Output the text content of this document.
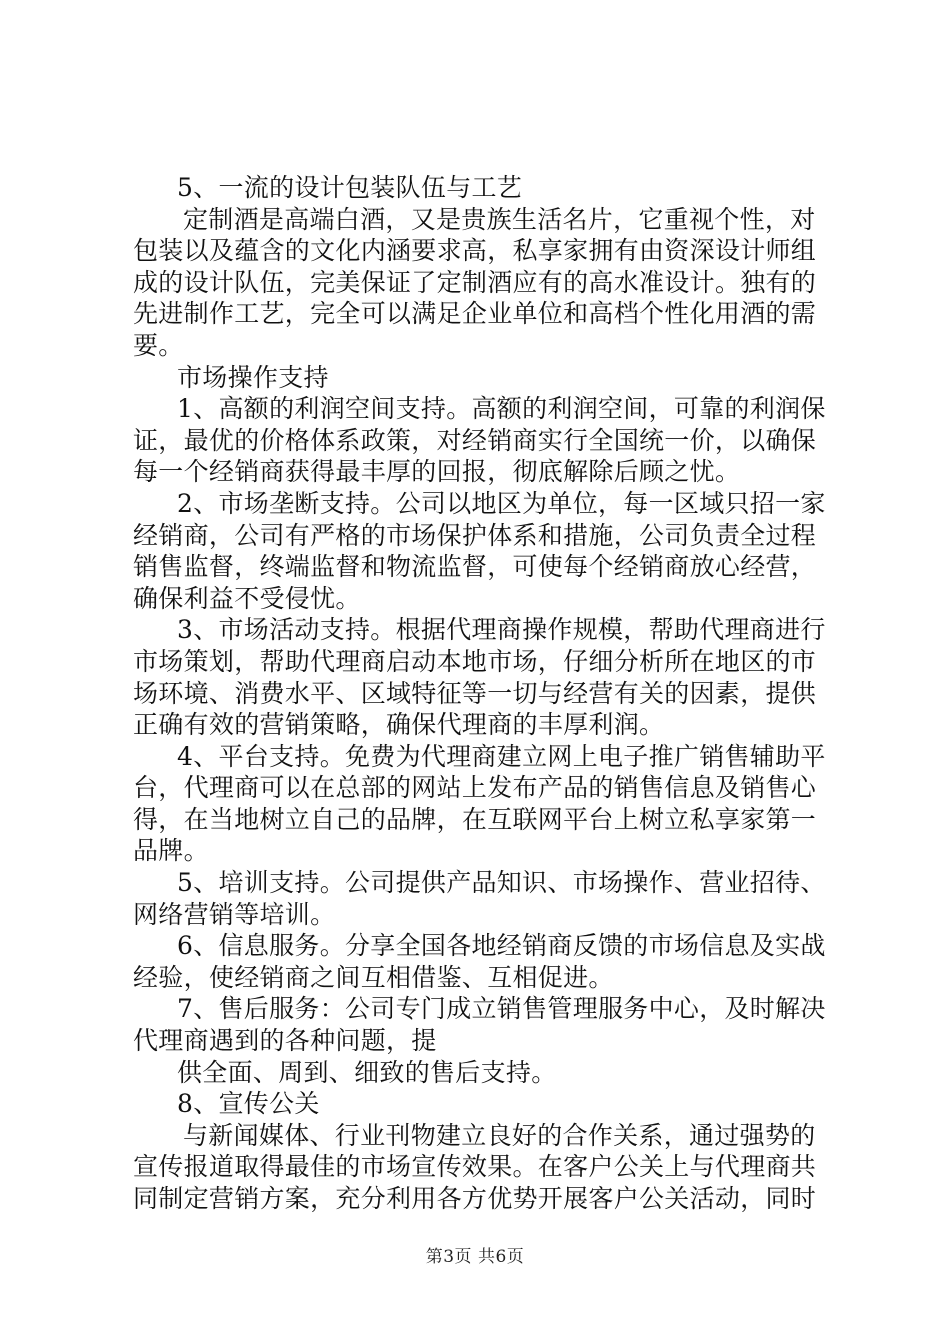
5、一流的设计包装队伍与工艺
定制酒是高端白酒，又是贵族生活名片，它重视个性，对
包装以及蕴含的文化内涵要求高，私享家拥有由资深设计师组
成的设计队伍，完美保证了定制酒应有的高水准设计。独有的
先进制作工艺，完全可以满足企业单位和高档个性化用酒的需
要。
市场操作支持
1、高额的利润空间支持。高额的利润空间，可靠的利润保
证，最优的价格体系政策，对经销商实行全国统一价，以确保
每一个经销商获得最丰厚的回报，彻底解除后顾之忧。
2、市场垄断支持。公司以地区为单位，每一区域只招一家
经销商，公司有严格的市场保护体系和措施，公司负责全过程
销售监督，终端监督和物流监督，可使每个经销商放心经营，
确保利益不受侵忧。
3、市场活动支持。根据代理商操作规模，帮助代理商进行
市场策划，帮助代理商启动本地市场，仔细分析所在地区的市
场环境、消费水平、区域特征等一切与经营有关的因素，提供
正确有效的营销策略，确保代理商的丰厚利润。
4、平台支持。免费为代理商建立网上电子推广销售辅助平
台，代理商可以在总部的网站上发布产品的销售信息及销售心
得，在当地树立自己的品牌，在互联网平台上树立私享家第一
品牌。
5、培训支持。公司提供产品知识、市场操作、营业招待、
网络营销等培训。
6、信息服务。分享全国各地经销商反馈的市场信息及实战
经验，使经销商之间互相借鉴、互相促进。
7、售后服务：公司专门成立销售管理服务中心，及时解决
代理商遇到的各种问题，提
供全面、周到、细致的售后支持。
8、宣传公关
与新闻媒体、行业刊物建立良好的合作关系，通过强势的
宣传报道取得最佳的市场宣传效果。在客户公关上与代理商共
同制定营销方案，充分利用各方优势开展客户公关活动，同时
第3页 共6页
